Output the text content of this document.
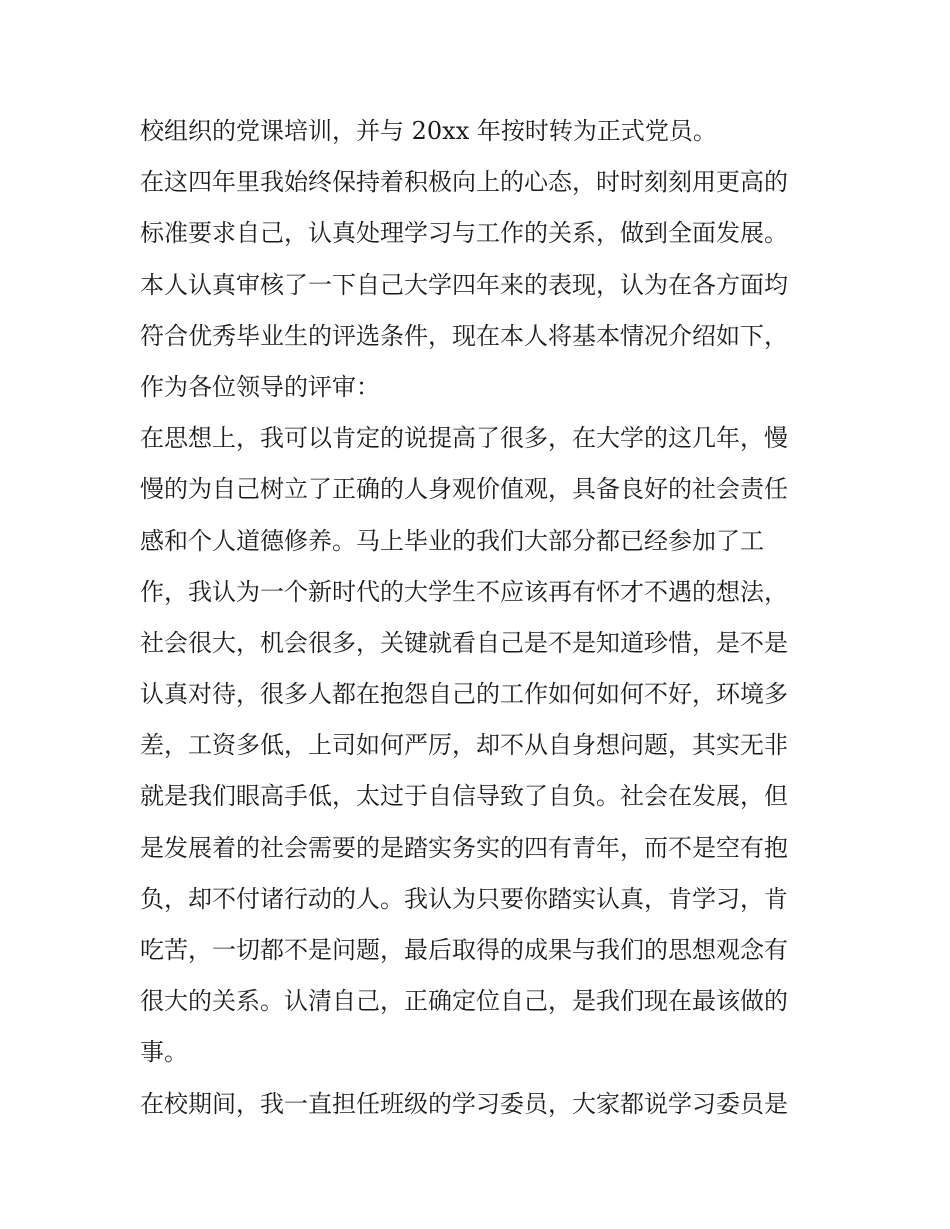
校组织的党课培训，并与 20xx 年按时转为正式党员。
在这四年里我始终保持着积极向上的心态，时时刻刻用更高的
标准要求自己，认真处理学习与工作的关系，做到全面发展。
本人认真审核了一下自己大学四年来的表现，认为在各方面均
符合优秀毕业生的评选条件，现在本人将基本情况介绍如下，
作为各位领导的评审：
在思想上，我可以肯定的说提高了很多，在大学的这几年，慢
慢的为自己树立了正确的人身观价值观，具备良好的社会责任
感和个人道德修养。马上毕业的我们大部分都已经参加了工
作，我认为一个新时代的大学生不应该再有怀才不遇的想法，
社会很大，机会很多，关键就看自己是不是知道珍惜，是不是
认真对待，很多人都在抱怨自己的工作如何如何不好，环境多
差，工资多低，上司如何严厉，却不从自身想问题，其实无非
就是我们眼高手低，太过于自信导致了自负。社会在发展，但
是发展着的社会需要的是踏实务实的四有青年，而不是空有抱
负，却不付诸行动的人。我认为只要你踏实认真，肯学习，肯
吃苦，一切都不是问题，最后取得的成果与我们的思想观念有
很大的关系。认清自己，正确定位自己，是我们现在最该做的
事。
在校期间，我一直担任班级的学习委员，大家都说学习委员是
